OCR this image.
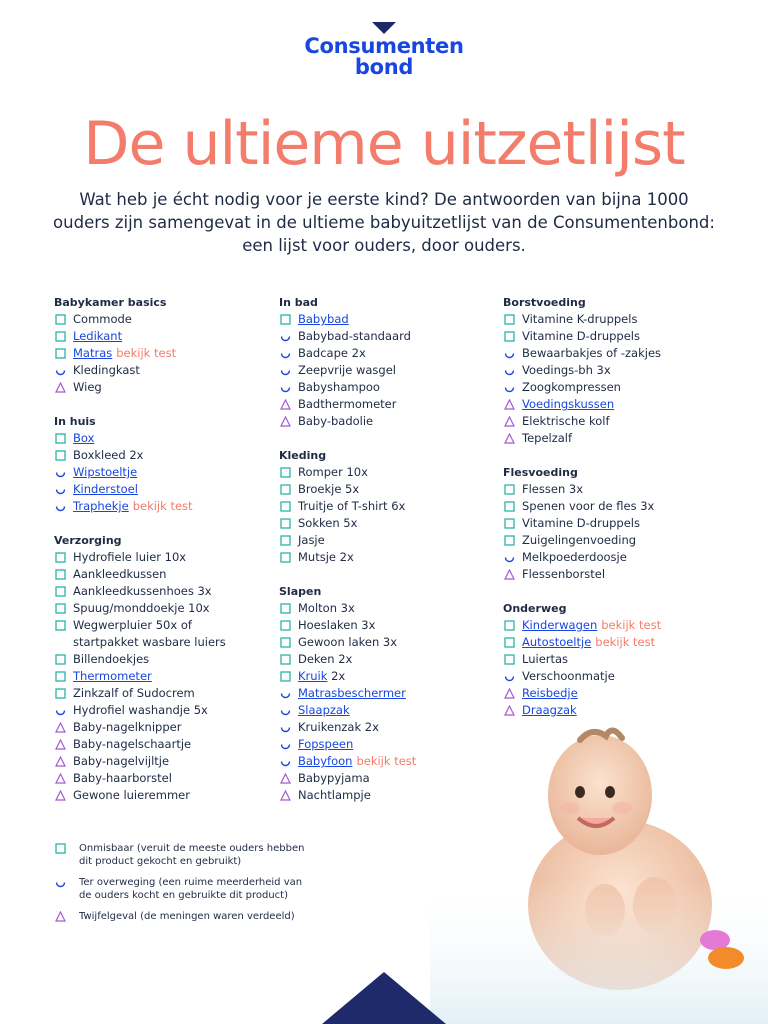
Consumenten
bond
De ultieme uitzetlijst

Wat heb je écht nodig voor je eerste kind? De antwoorden van bijna 1000 ouders zijn samengevat in de ultieme babyuitzetlijst van de Consumentenbond: een lijst voor ouders, door ouders.

Babykamer basics
Commode
Ledikant
Matras bekijk test
Kledingkast
Wieg
In huis
Box
Boxkleed 2x
Wipstoeltje
Kinderstoel
Traphekje bekijk test
Verzorging
Hydrofiele luier 10x
Aankleedkussen
Aankleedkussenhoes 3x
Spuug/monddoekje 10x
Wegwerpluier 50x of
startpakket wasbare luiers
Billendoekjes
Thermometer
Zinkzalf of Sudocrem
Hydrofiel washandje 5x
Baby-nagelknipper
Baby-nagelschaartje
Baby-nagelvijltje
Baby-haarborstel
Gewone luieremmer
In bad
Babybad
Babybad-standaard
Badcape 2x
Zeepvrije wasgel
Babyshampoo
Badthermometer
Baby-badolie
Kleding
Romper 10x
Broekje 5x
Truitje of T-shirt 6x
Sokken 5x
Jasje
Mutsje 2x
Slapen
Molton 3x
Hoeslaken 3x
Gewoon laken 3x
Deken 2x
Kruik 2x
Matrasbeschermer
Slaapzak
Kruikenzak 2x
Fopspeen
Babyfoon bekijk test
Babypyjama
Nachtlampje
Borstvoeding
Vitamine K-druppels
Vitamine D-druppels
Bewaarbakjes of -zakjes
Voedings-bh 3x
Zoogkompressen
Voedingskussen
Elektrische kolf
Tepelzalf
Flesvoeding
Flessen 3x
Spenen voor de fles 3x
Vitamine D-druppels
Zuigelingenvoeding
Melkpoederdoosje
Flessenborstel
Onderweg
Kinderwagen bekijk test
Autostoeltje bekijk test
Luiertas
Verschoonmatje
Reisbedje
Draagzak
Onmisbaar (veruit de meeste ouders hebben
dit product gekocht en gebruikt)
Ter overweging (een ruime meerderheid van
de ouders kocht en gebruikte dit product)
Twijfelgeval (de meningen waren verdeeld)
